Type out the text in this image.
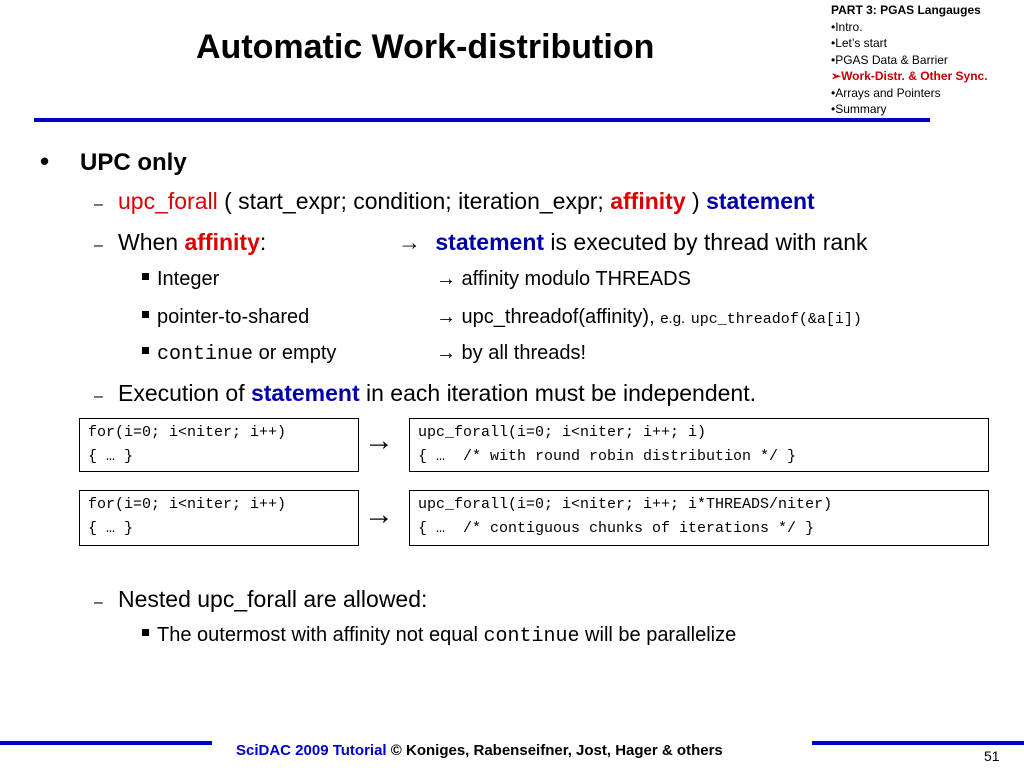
Automatic Work-distribution
PART 3: PGAS Langauges
• Intro.
• Let’s start
• PGAS Data & Barrier
➢ Work-Distr. & Other Sync.
• Arrays and Pointers
• Summary
• UPC only
– upc_forall ( start_expr; condition; iteration_expr; affinity ) statement
– When affinity:	→ statement is executed by thread with rank
Integer	→ affinity modulo THREADS
pointer-to-shared	→ upc_threadof(affinity), e.g. upc_threadof(&a[i])
continue or empty	→ by all threads!
– Execution of statement in each iteration must be independent.
for(i=0; i<niter; i++)
{ … }	→	upc_forall(i=0; i<niter; i++; i)
{ …  /* with round robin distribution */ }
for(i=0; i<niter; i++)
{ … }	→	upc_forall(i=0; i<niter; i++; i*THREADS/niter)
{ …  /* contiguous chunks of iterations */ }
– Nested upc_forall are allowed:
The outermost with affinity not equal continue will be parallelize
SciDAC 2009 Tutorial © Koniges, Rabenseifner, Jost, Hager & others	51
